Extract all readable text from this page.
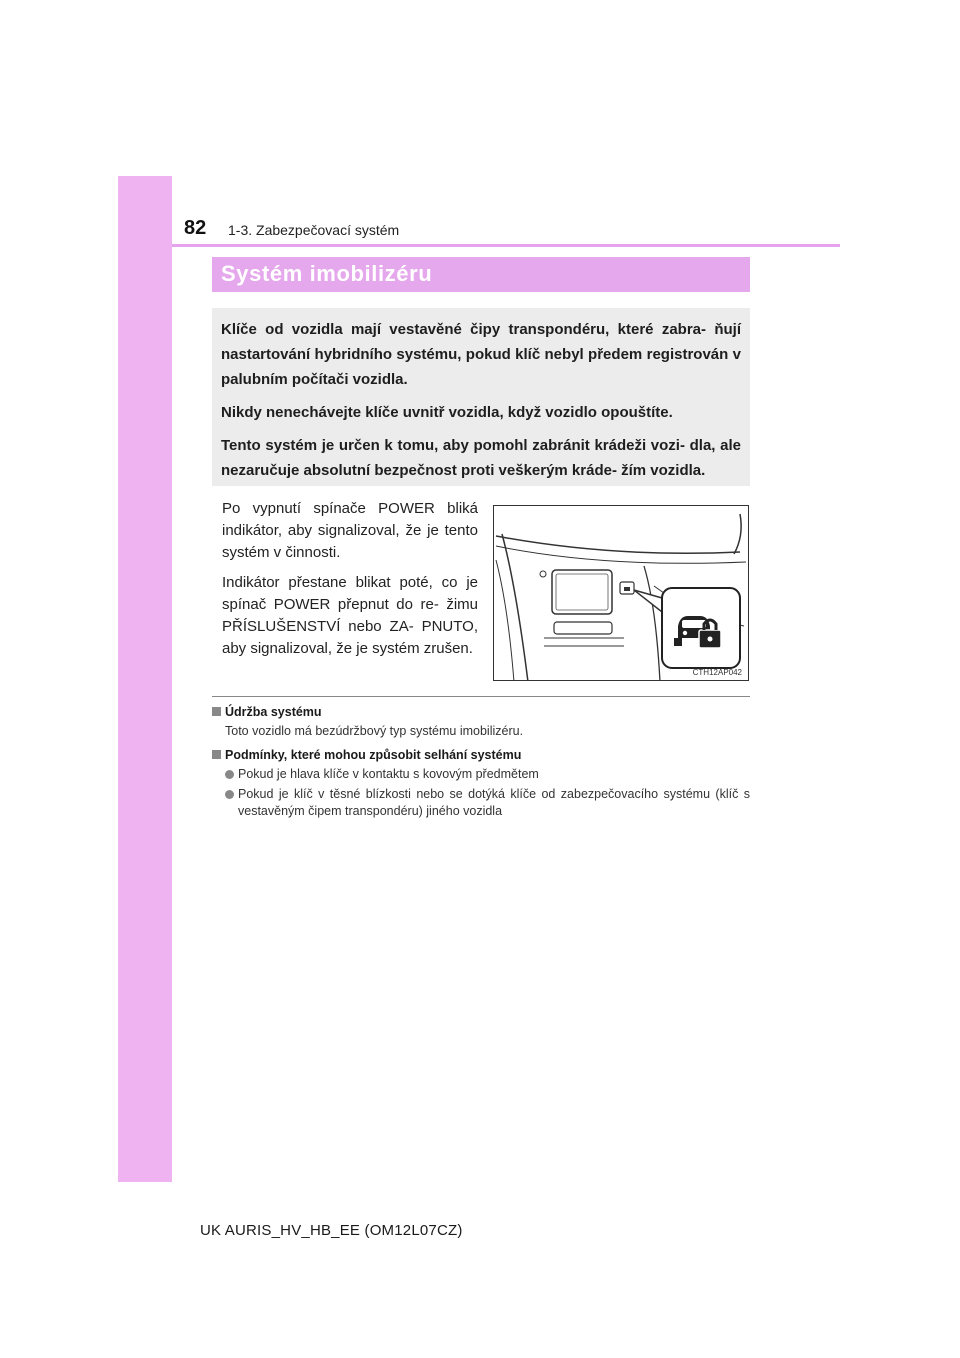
82 1-3. Zabezpečovací systém
Systém imobilizéru

Klíče od vozidla mají vestavěné čipy transpondéru, které zabra- ňují nastartování hybridního systému, pokud klíč nebyl předem registrován v palubním počítači vozidla.

Nikdy nenechávejte klíče uvnitř vozidla, když vozidlo opouštíte.

Tento systém je určen k tomu, aby pomohl zabránit krádeži vozi- dla, ale nezaručuje absolutní bezpečnost proti veškerým kráde- žím vozidla.

Po vypnutí spínače POWER bliká indikátor, aby signalizoval, že je tento systém v činnosti.

Indikátor přestane blikat poté, co je spínač POWER přepnut do re- žimu PŘÍSLUŠENSTVÍ nebo ZA- PNUTO, aby signalizoval, že je systém zrušen.

CTH12AP042
Údržba systému
Toto vozidlo má bezúdržbový typ systému imobilizéru.
Podmínky, které mohou způsobit selhání systému
Pokud je hlava klíče v kontaktu s kovovým předmětem
Pokud je klíč v těsné blízkosti nebo se dotýká klíče od zabezpečovacího systému (klíč s vestavěným čipem transpondéru) jiného vozidla
UK AURIS_HV_HB_EE (OM12L07CZ)
